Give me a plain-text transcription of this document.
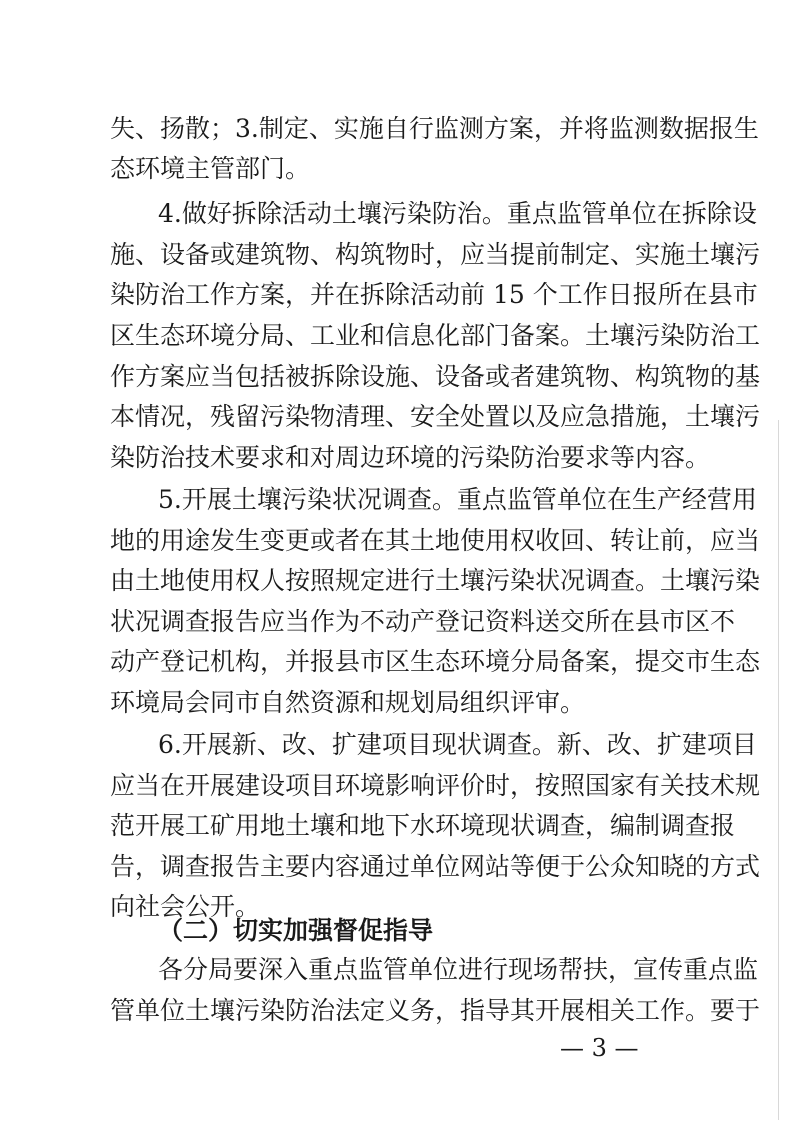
失、扬散；3.制定、实施自行监测方案，并将监测数据报生
态环境主管部门。
4.做好拆除活动土壤污染防治。重点监管单位在拆除设
施、设备或建筑物、构筑物时，应当提前制定、实施土壤污
染防治工作方案，并在拆除活动前 15 个工作日报所在县市
区生态环境分局、工业和信息化部门备案。土壤污染防治工
作方案应当包括被拆除设施、设备或者建筑物、构筑物的基
本情况，残留污染物清理、安全处置以及应急措施，土壤污
染防治技术要求和对周边环境的污染防治要求等内容。
5.开展土壤污染状况调查。重点监管单位在生产经营用
地的用途发生变更或者在其土地使用权收回、转让前，应当
由土地使用权人按照规定进行土壤污染状况调查。土壤污染
状况调查报告应当作为不动产登记资料送交所在县市区不
动产登记机构，并报县市区生态环境分局备案，提交市生态
环境局会同市自然资源和规划局组织评审。
6.开展新、改、扩建项目现状调查。新、改、扩建项目
应当在开展建设项目环境影响评价时，按照国家有关技术规
范开展工矿用地土壤和地下水环境现状调查，编制调查报
告，调查报告主要内容通过单位网站等便于公众知晓的方式
向社会公开。
（二）切实加强督促指导
各分局要深入重点监管单位进行现场帮扶，宣传重点监
管单位土壤污染防治法定义务，指导其开展相关工作。要于
— 3 —
